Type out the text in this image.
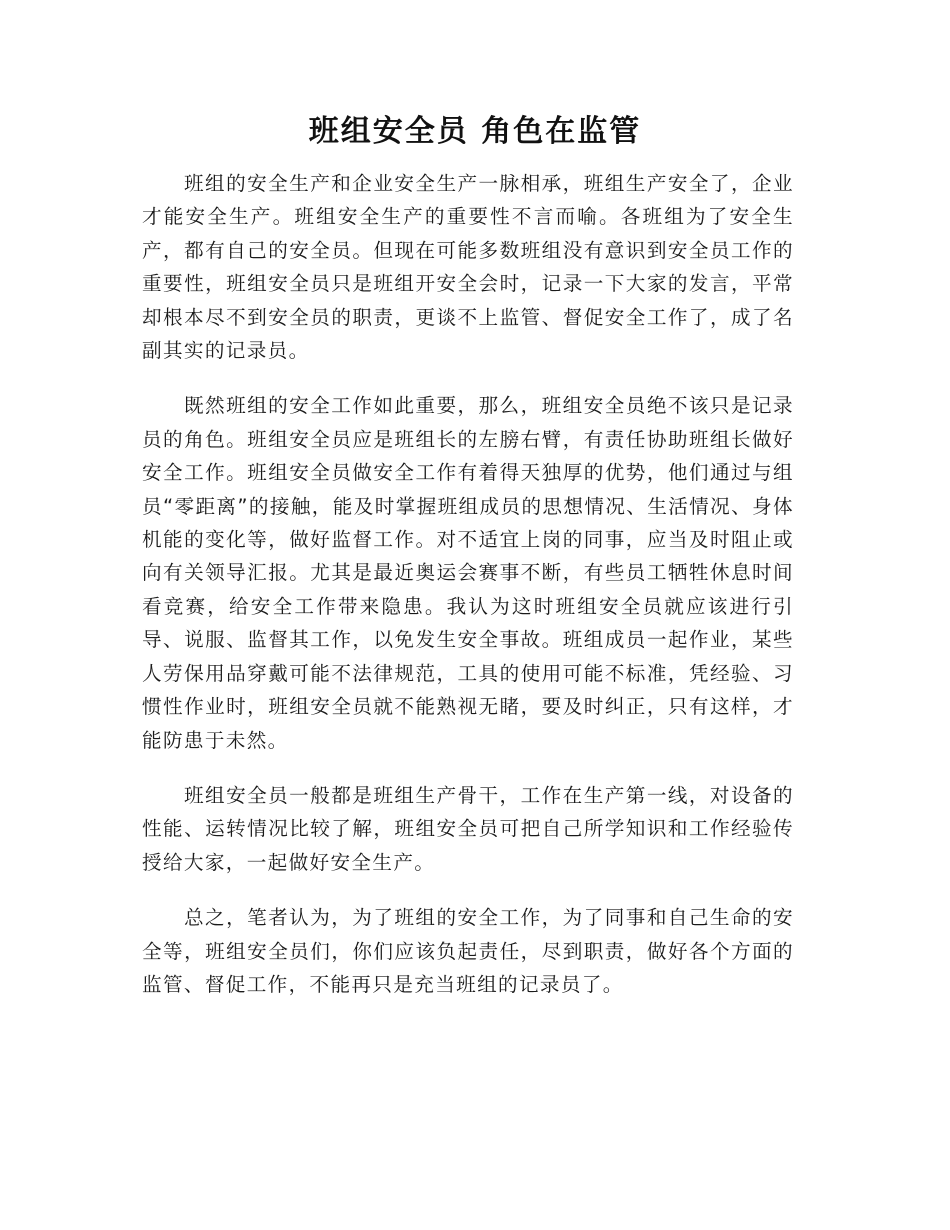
班组安全员 角色在监管

班组的安全生产和企业安全生产一脉相承，班组生产安全了，企业才能安全生产。班组安全生产的重要性不言而喻。各班组为了安全生产，都有自己的安全员。但现在可能多数班组没有意识到安全员工作的重要性，班组安全员只是班组开安全会时，记录一下大家的发言，平常却根本尽不到安全员的职责，更谈不上监管、督促安全工作了，成了名副其实的记录员。

既然班组的安全工作如此重要，那么，班组安全员绝不该只是记录员的角色。班组安全员应是班组长的左膀右臂，有责任协助班组长做好安全工作。班组安全员做安全工作有着得天独厚的优势，他们通过与组员“零距离”的接触，能及时掌握班组成员的思想情况、生活情况、身体机能的变化等，做好监督工作。对不适宜上岗的同事，应当及时阻止或向有关领导汇报。尤其是最近奥运会赛事不断，有些员工牺牲休息时间看竞赛，给安全工作带来隐患。我认为这时班组安全员就应该进行引导、说服、监督其工作，以免发生安全事故。班组成员一起作业，某些人劳保用品穿戴可能不法律规范，工具的使用可能不标准，凭经验、习惯性作业时，班组安全员就不能熟视无睹，要及时纠正，只有这样，才能防患于未然。

班组安全员一般都是班组生产骨干，工作在生产第一线，对设备的性能、运转情况比较了解，班组安全员可把自己所学知识和工作经验传授给大家，一起做好安全生产。

总之，笔者认为，为了班组的安全工作，为了同事和自己生命的安全等，班组安全员们，你们应该负起责任，尽到职责，做好各个方面的监管、督促工作，不能再只是充当班组的记录员了。
